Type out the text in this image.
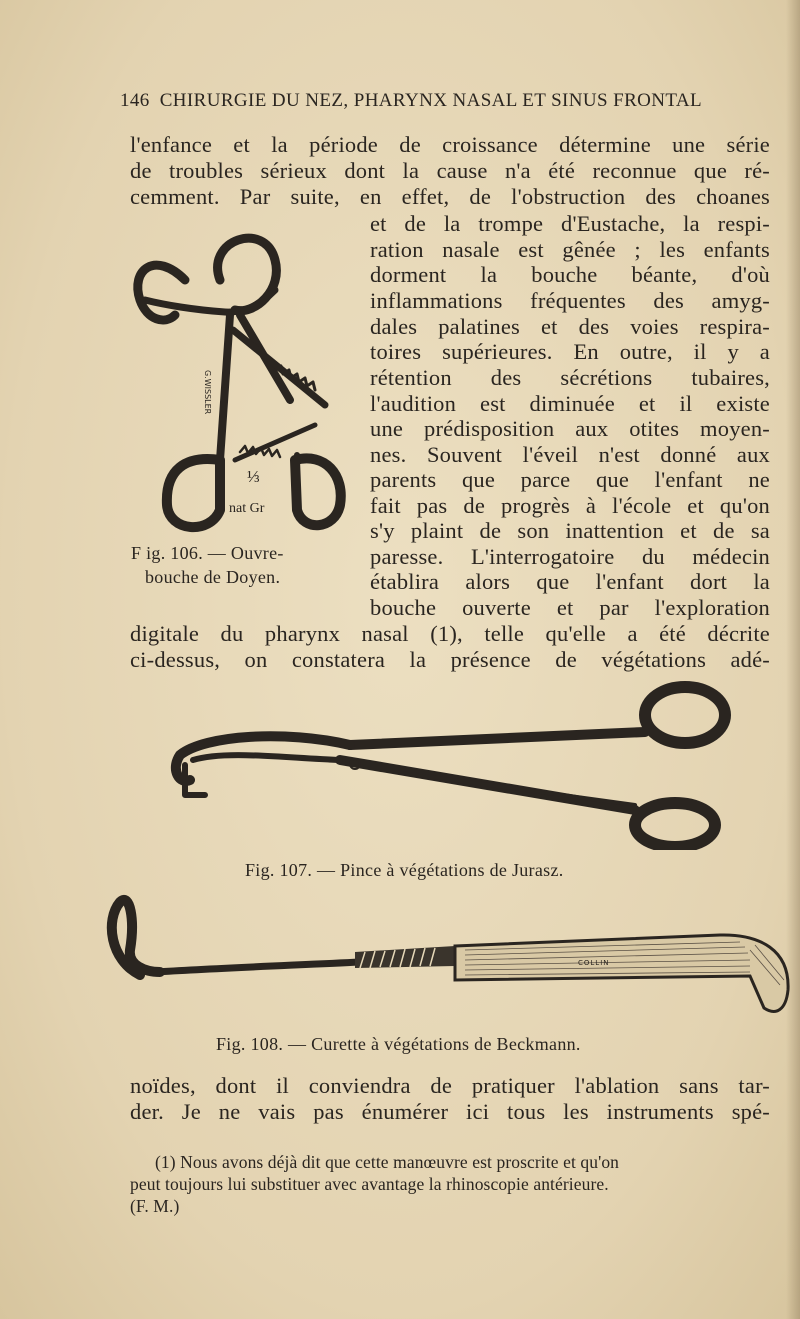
146 CHIRURGIE DU NEZ, PHARYNX NASAL ET SINUS FRONTAL
l'enfance et la période de croissance détermine une série
de troubles sérieux dont la cause n'a été reconnue que ré-
cemment. Par suite, en effet, de l'obstruction des choanes
et de la trompe d'Eustache, la respi-
ration nasale est gênée ; les enfants
dorment la bouche béante, d'où
inflammations fréquentes des amyg-
dales palatines et des voies respira-
toires supérieures. En outre, il y a
rétention des sécrétions tubaires,
l'audition est diminuée et il existe
une prédisposition aux otites moyen-
nes. Souvent l'éveil n'est donné aux
parents que parce que l'enfant ne
fait pas de progrès à l'école et qu'on
s'y plaint de son inattention et de sa
paresse. L'interrogatoire du médecin
établira alors que l'enfant dort la
bouche ouverte et par l'exploration
digitale du pharynx nasal (1), telle qu'elle a été décrite
ci-dessus, on constatera la présence de végétations adé-
G.WISSLER
⅓
nat Gr
F ig. 106. — Ouvre-
bouche de Doyen.
Fig. 107. — Pince à végétations de Jurasz.
COLLIN
Fig. 108. — Curette à végétations de Beckmann.
noïdes, dont il conviendra de pratiquer l'ablation sans tar-
der. Je ne vais pas énumérer ici tous les instruments spé-
(1) Nous avons déjà dit que cette manœuvre est proscrite et qu'on
peut toujours lui substituer avec avantage la rhinoscopie antérieure.
(F. M.)
